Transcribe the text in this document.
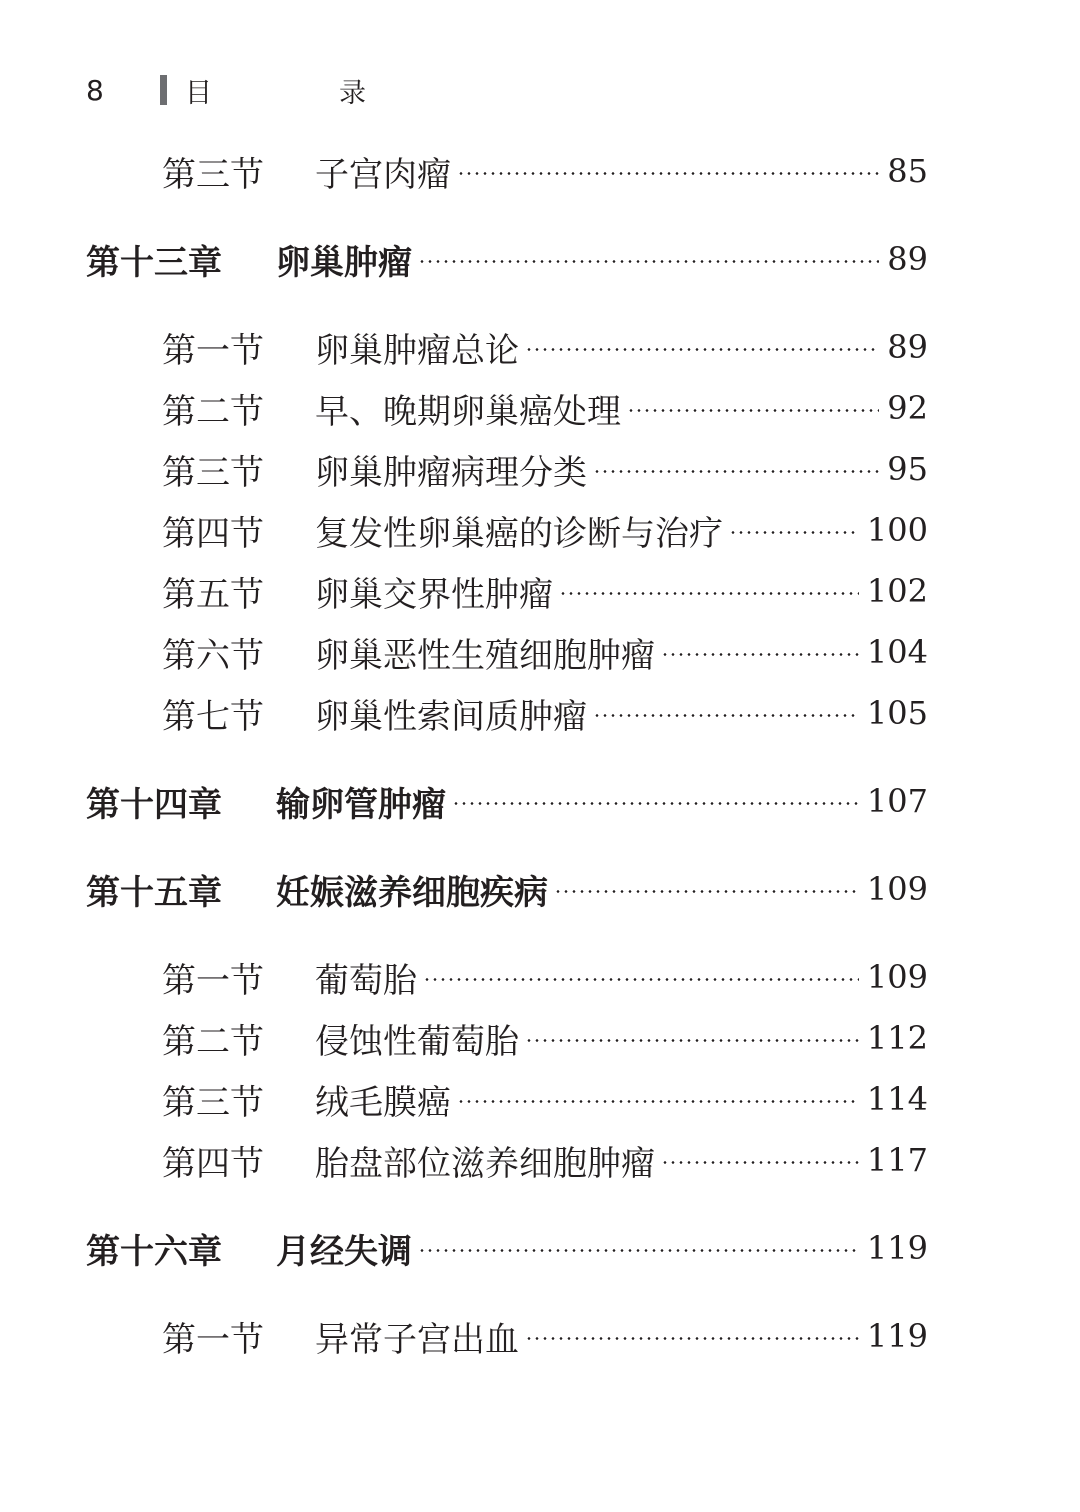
8	目　录
第三节	子宫肉瘤	85
第十三章	卵巢肿瘤	89
第一节	卵巢肿瘤总论	89
第二节	早、晚期卵巢癌处理	92
第三节	卵巢肿瘤病理分类	95
第四节	复发性卵巢癌的诊断与治疗	100
第五节	卵巢交界性肿瘤	102
第六节	卵巢恶性生殖细胞肿瘤	104
第七节	卵巢性索间质肿瘤	105
第十四章	输卵管肿瘤	107
第十五章	妊娠滋养细胞疾病	109
第一节	葡萄胎	109
第二节	侵蚀性葡萄胎	112
第三节	绒毛膜癌	114
第四节	胎盘部位滋养细胞肿瘤	117
第十六章	月经失调	119
第一节	异常子宫出血	119
